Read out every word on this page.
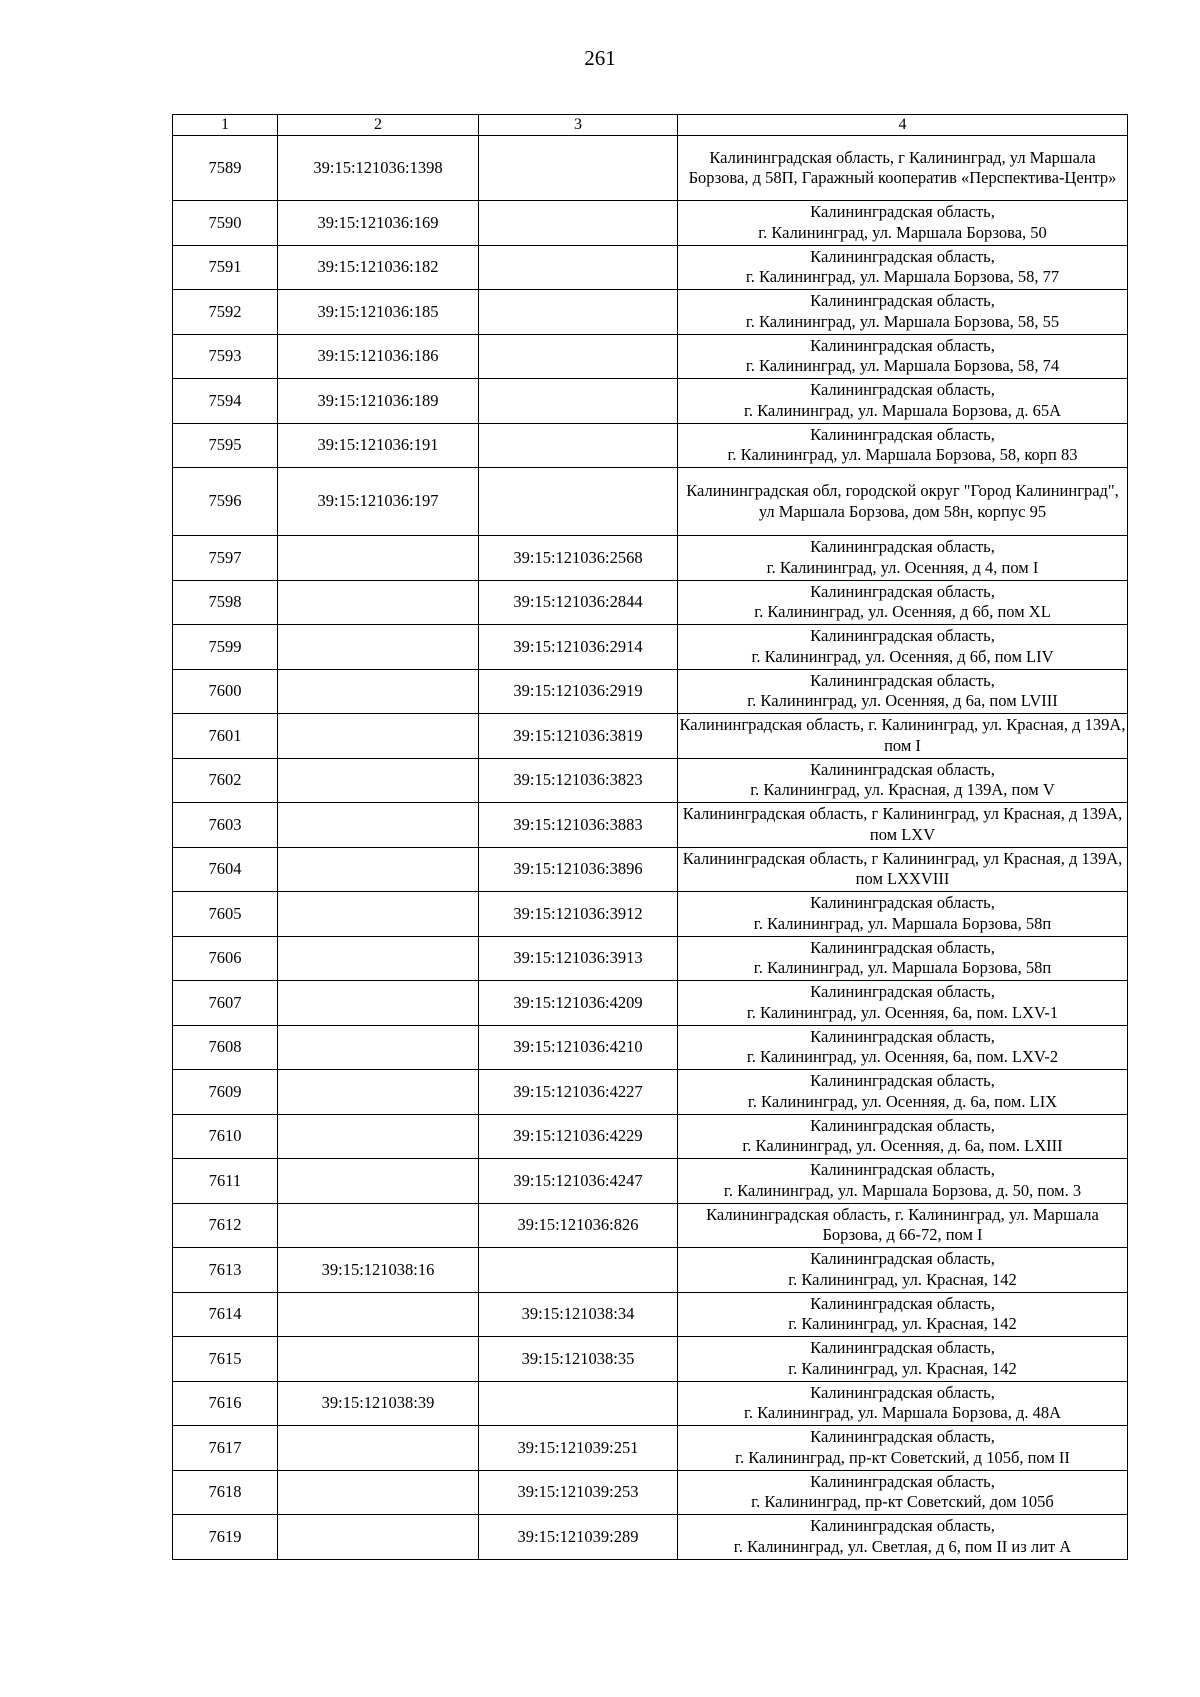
261
1	2	3	4
7589	39:15:121036:1398		Калининградская область, г Калининград, ул Маршала Борзова, д 58П, Гаражный кооператив «Перспектива-Центр»
7590	39:15:121036:169		Калининградская область,
г. Калининград, ул. Маршала Борзова, 50
7591	39:15:121036:182		Калининградская область,
г. Калининград, ул. Маршала Борзова, 58, 77
7592	39:15:121036:185		Калининградская область,
г. Калининград, ул. Маршала Борзова, 58, 55
7593	39:15:121036:186		Калининградская область,
г. Калининград, ул. Маршала Борзова, 58, 74
7594	39:15:121036:189		Калининградская область,
г. Калининград, ул. Маршала Борзова, д. 65А
7595	39:15:121036:191		Калининградская область,
г. Калининград, ул. Маршала Борзова, 58, корп 83
7596	39:15:121036:197		Калининградская обл, городской округ "Город Калининград", ул Маршала Борзова, дом 58н, корпус 95
7597		39:15:121036:2568	Калининградская область,
г. Калининград, ул. Осенняя, д 4, пом I
7598		39:15:121036:2844	Калининградская область,
г. Калининград, ул. Осенняя, д 6б, пом XL
7599		39:15:121036:2914	Калининградская область,
г. Калининград, ул. Осенняя, д 6б, пом LIV
7600		39:15:121036:2919	Калининградская область,
г. Калининград, ул. Осенняя, д 6а, пом LVIII
7601		39:15:121036:3819	Калининградская область, г. Калининград, ул. Красная, д 139А, пом I
7602		39:15:121036:3823	Калининградская область,
г. Калининград, ул. Красная, д 139А, пом V
7603		39:15:121036:3883	Калининградская область, г Калининград, ул Красная, д 139А, пом LXV
7604		39:15:121036:3896	Калининградская область, г Калининград, ул Красная, д 139А, пом LXXVIII
7605		39:15:121036:3912	Калининградская область,
г. Калининград, ул. Маршала Борзова, 58п
7606		39:15:121036:3913	Калининградская область,
г. Калининград, ул. Маршала Борзова, 58п
7607		39:15:121036:4209	Калининградская область,
г. Калининград, ул. Осенняя, 6а, пом. LXV-1
7608		39:15:121036:4210	Калининградская область,
г. Калининград, ул. Осенняя, 6а, пом. LXV-2
7609		39:15:121036:4227	Калининградская область,
г. Калининград, ул. Осенняя, д. 6а, пом. LIX
7610		39:15:121036:4229	Калининградская область,
г. Калининград, ул. Осенняя, д. 6а, пом. LXIII
7611		39:15:121036:4247	Калининградская область,
г. Калининград, ул. Маршала Борзова, д. 50, пом. 3
7612		39:15:121036:826	Калининградская область, г. Калининград, ул. Маршала Борзова, д 66-72, пом I
7613	39:15:121038:16		Калининградская область,
г. Калининград, ул. Красная, 142
7614		39:15:121038:34	Калининградская область,
г. Калининград, ул. Красная, 142
7615		39:15:121038:35	Калининградская область,
г. Калининград, ул. Красная, 142
7616	39:15:121038:39		Калининградская область,
г. Калининград, ул. Маршала Борзова, д. 48А
7617		39:15:121039:251	Калининградская область,
г. Калининград, пр-кт Советский, д 105б, пом II
7618		39:15:121039:253	Калининградская область,
г. Калининград, пр-кт Советский, дом 105б
7619		39:15:121039:289	Калининградская область,
г. Калининград, ул. Светлая, д 6, пом II из лит А
